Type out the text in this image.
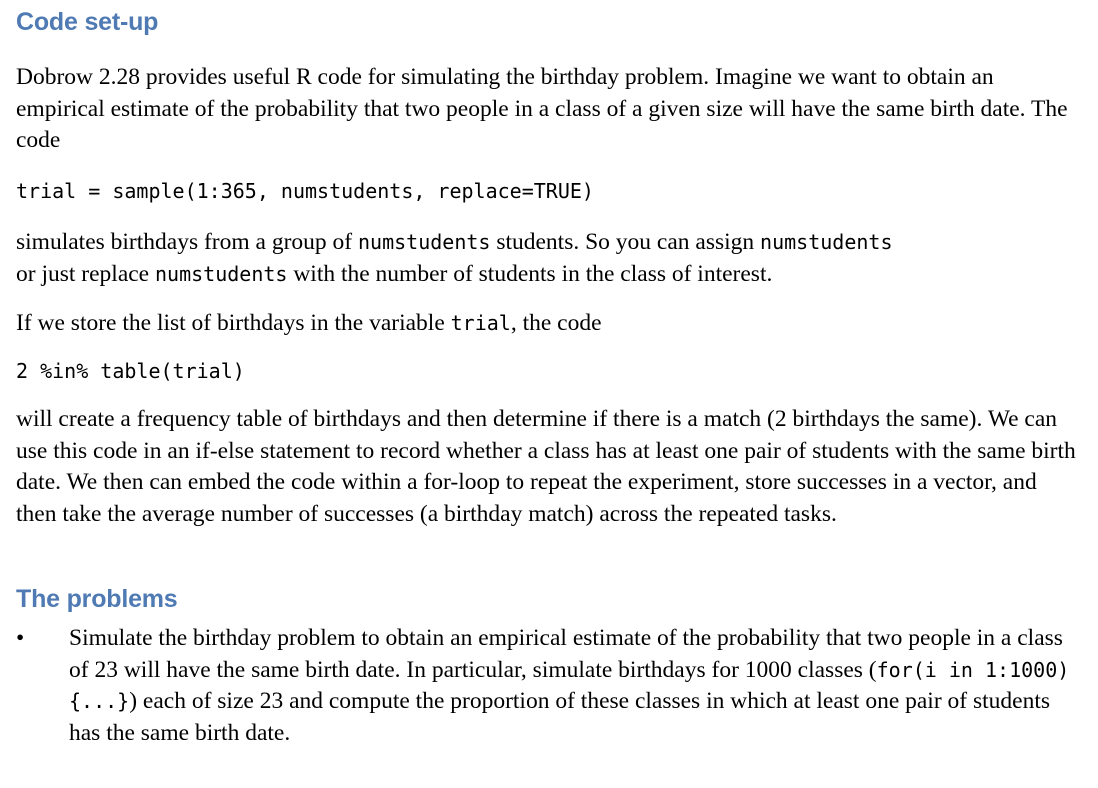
Code set-up

Dobrow 2.28 provides useful R code for simulating the birthday problem. Imagine we want to obtain an empirical estimate of the probability that two people in a class of a given size will have the same birth date. The code

trial = sample(1:365, numstudents, replace=TRUE)

simulates birthdays from a group of numstudents students. So you can assign numstudents
or just replace numstudents with the number of students in the class of interest.

If we store the list of birthdays in the variable trial, the code

2 %in% table(trial)

will create a frequency table of birthdays and then determine if there is a match (2 birthdays the same). We can use this code in an if-else statement to record whether a class has at least one pair of students with the same birth date. We then can embed the code within a for-loop to repeat the experiment, store successes in a vector, and then take the average number of successes (a birthday match) across the repeated tasks.

The problems
• Simulate the birthday problem to obtain an empirical estimate of the probability that two people in a class of 23 will have the same birth date. In particular, simulate birthdays for 1000 classes (for(i in 1:1000){...}) each of size 23 and compute the proportion of these classes in which at least one pair of students has the same birth date.
